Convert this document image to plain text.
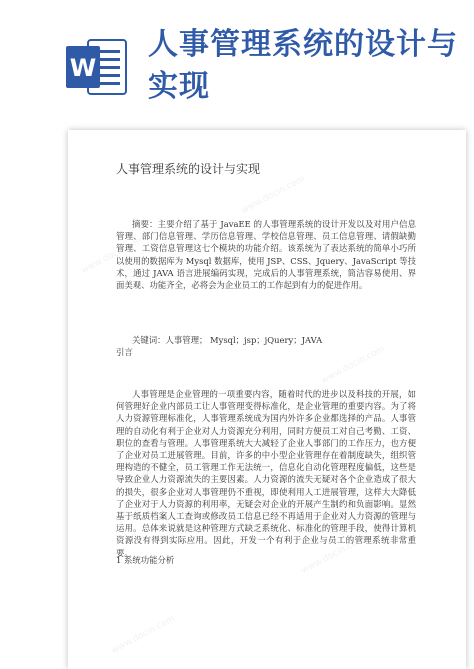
W
人事管理系统的设计与实现
人事管理系统的设计与实现
摘要：主要介绍了基于 JavaEE 的人事管理系统的设计开发以及对用户信息管理、部门信息管理、学历信息管理、学校信息管理、员工信息管理、请假缺勤管理、工资信息管理这七个模块的功能介绍。该系统为了表达系统的简单小巧所以使用的数据库为 Mysql 数据库，使用 JSP、CSS、Jquery、JavaScript 等技术，通过 JAVA 语言进展编码实现，完成后的人事管理系统，简洁容易使用、界面美观、功能齐全，必将会为企业员工的工作起到有力的促进作用。
关键词：人事管理； Mysql；jsp；jQuery；JAVA
引言
人事管理是企业管理的一项重要内容，随着时代的进步以及科技的开展，如何管理好企业内部员工让人事管理变得标准化，是企业管理的重要内容。为了将人力资源管理标准化，人事管理系统成为国内外许多企业都选择的产品。人事管理的自动化有利于企业对人力资源充分利用，同时方便员工对自己考勤、工资、职位的查看与管理。人事管理系统大大减轻了企业人事部门的工作压力，也方便了企业对员工进展管理。目前，许多的中小型企业管理存在着制度缺失，组织管理构造的不健全，员工管理工作无法统一，信息化自动化管理程度偏低，这些是导致企业人力资源流失的主要因素。人力资源的流失无疑对各个企业造成了很大的损失，很多企业对人事管理仍不重视，即使利用人工进展管理，这样大大降低了企业对于人力资源的利用率，无疑会对企业的开展产生制约和负面影响。显然基于纸质档案人工查询或修改员工信息已经不再适用于企业对人力资源的管理与运用。总体来说就是这种管理方式缺乏系统化、标准化的管理手段，使得计算机资源没有得到实际应用。因此，开发一个有利于企业与员工的管理系统非常重要。
1 系统功能分析
www.docin.com
www.docin.com
www.docin.com
www.docin.com
www.docin.com
www.docin.com
